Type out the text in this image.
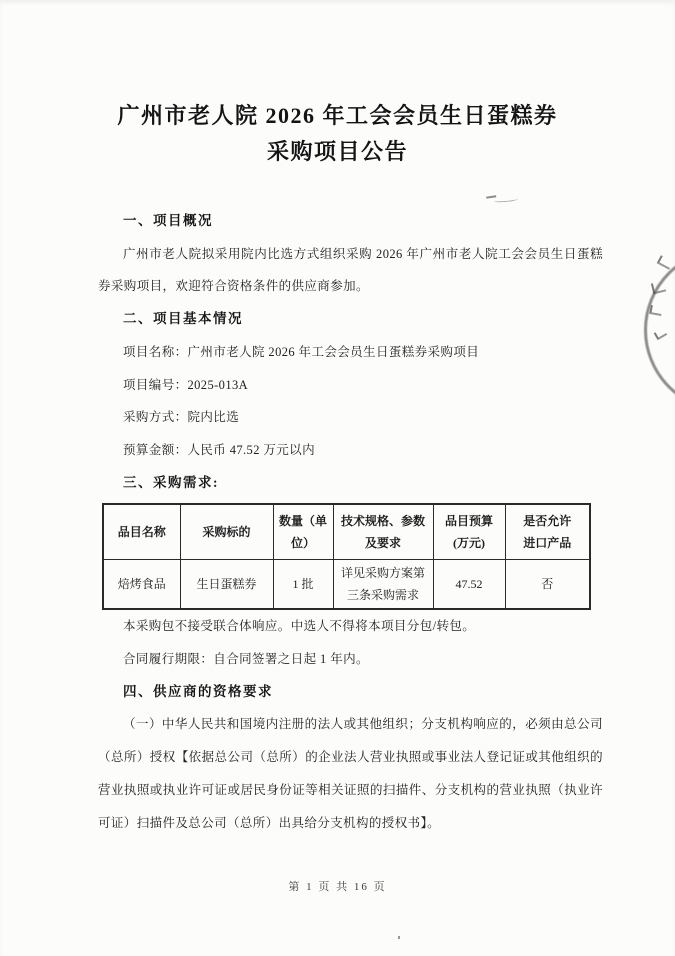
广州市老人院 2026 年工会会员生日蛋糕券
采购项目公告
一、项目概况

广州市老人院拟采用院内比选方式组织采购 2026 年广州市老人院工会会员生日蛋糕券采购项目，欢迎符合资格条件的供应商参加。

二、项目基本情况
项目名称：广州市老人院 2026 年工会会员生日蛋糕券采购项目
项目编号：2025-013A
采购方式：院内比选
预算金额：人民币 47.52 万元以内
三、采购需求:
品目名称	采购标的	数量（单位）	技术规格、参数及要求	品目预算(万元)	是否允许进口产品
焙烤食品	生日蛋糕券	1 批	详见采购方案第三条采购需求	47.52	否
本采购包不接受联合体响应。中选人不得将本项目分包/转包。
合同履行期限：自合同签署之日起 1 年内。
四、供应商的资格要求

（一）中华人民共和国境内注册的法人或其他组织；分支机构响应的，必须由总公司（总所）授权【依据总公司（总所）的企业法人营业执照或事业法人登记证或其他组织的营业执照或执业许可证或居民身份证等相关证照的扫描件、分支机构的营业执照（执业许可证）扫描件及总公司（总所）出具给分支机构的授权书】。

第 1 页 共 16 页
